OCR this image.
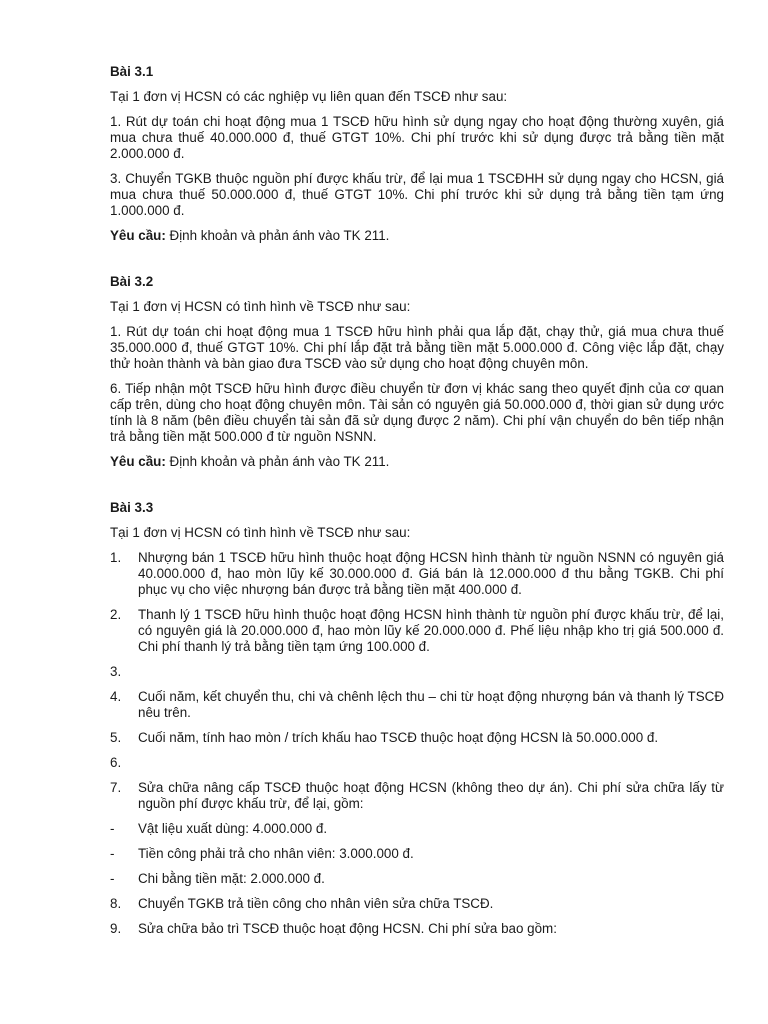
Bài 3.1
Tại 1 đơn vị HCSN có các nghiệp vụ liên quan đến TSCĐ như sau:
1. Rút dự toán chi hoạt động mua 1 TSCĐ hữu hình sử dụng ngay cho hoạt động thường xuyên, giá mua chưa thuế 40.000.000 đ, thuế GTGT 10%. Chi phí trước khi sử dụng được trả bằng tiền mặt 2.000.000 đ.
3. Chuyển TGKB thuộc nguồn phí được khấu trừ, để lại mua 1 TSCĐHH sử dụng ngay cho HCSN, giá mua chưa thuế 50.000.000 đ, thuế GTGT 10%. Chi phí trước khi sử dụng trả bằng tiền tạm ứng 1.000.000 đ.
Yêu cầu: Định khoản và phản ánh vào TK 211.
Bài 3.2
Tại 1 đơn vị HCSN có tình hình về TSCĐ như sau:
1. Rút dự toán chi hoạt động mua 1 TSCĐ hữu hình phải qua lắp đặt, chạy thử, giá mua chưa thuế 35.000.000 đ, thuế GTGT 10%. Chi phí lắp đặt trả bằng tiền mặt 5.000.000 đ. Công việc lắp đặt, chạy thử hoàn thành và bàn giao đưa TSCĐ vào sử dụng cho hoạt động chuyên môn.
6. Tiếp nhận một TSCĐ hữu hình được điều chuyển từ đơn vị khác sang theo quyết định của cơ quan cấp trên, dùng cho hoạt động chuyên môn. Tài sản có nguyên giá 50.000.000 đ, thời gian sử dụng ước tính là 8 năm (bên điều chuyển tài sản đã sử dụng được 2 năm). Chi phí vận chuyển do bên tiếp nhận trả bằng tiền mặt 500.000 đ từ nguồn NSNN.
Yêu cầu: Định khoản và phản ánh vào TK 211.
Bài 3.3
Tại 1 đơn vị HCSN có tình hình về TSCĐ như sau:
1.	Nhượng bán 1 TSCĐ hữu hình thuộc hoạt động HCSN hình thành từ nguồn NSNN có nguyên giá 40.000.000 đ, hao mòn lũy kế 30.000.000 đ. Giá bán là 12.000.000 đ thu bằng TGKB. Chi phí phục vụ cho việc nhượng bán được trả bằng tiền mặt 400.000 đ.
2.	Thanh lý 1 TSCĐ hữu hình thuộc hoạt động HCSN hình thành từ nguồn phí được khấu trừ, để lại, có nguyên giá là 20.000.000 đ, hao mòn lũy kế 20.000.000 đ. Phế liệu nhập kho trị giá 500.000 đ. Chi phí thanh lý trả bằng tiền tạm ứng 100.000 đ.
3.
4.	Cuối năm, kết chuyển thu, chi và chênh lệch thu – chi từ hoạt động nhượng bán và thanh lý TSCĐ nêu trên.
5.	Cuối năm, tính hao mòn / trích khấu hao TSCĐ thuộc hoạt động HCSN là 50.000.000 đ.
6.
7.	Sửa chữa nâng cấp TSCĐ thuộc hoạt động HCSN (không theo dự án). Chi phí sửa chữa lấy từ nguồn phí được khấu trừ, để lại, gồm:
-	Vật liệu xuất dùng: 4.000.000 đ.
-	Tiền công phải trả cho nhân viên: 3.000.000 đ.
-	Chi bằng tiền mặt: 2.000.000 đ.
8.	Chuyển TGKB trả tiền công cho nhân viên sửa chữa TSCĐ.
9.	Sửa chữa bảo trì TSCĐ thuộc hoạt động HCSN. Chi phí sửa bao gồm:
